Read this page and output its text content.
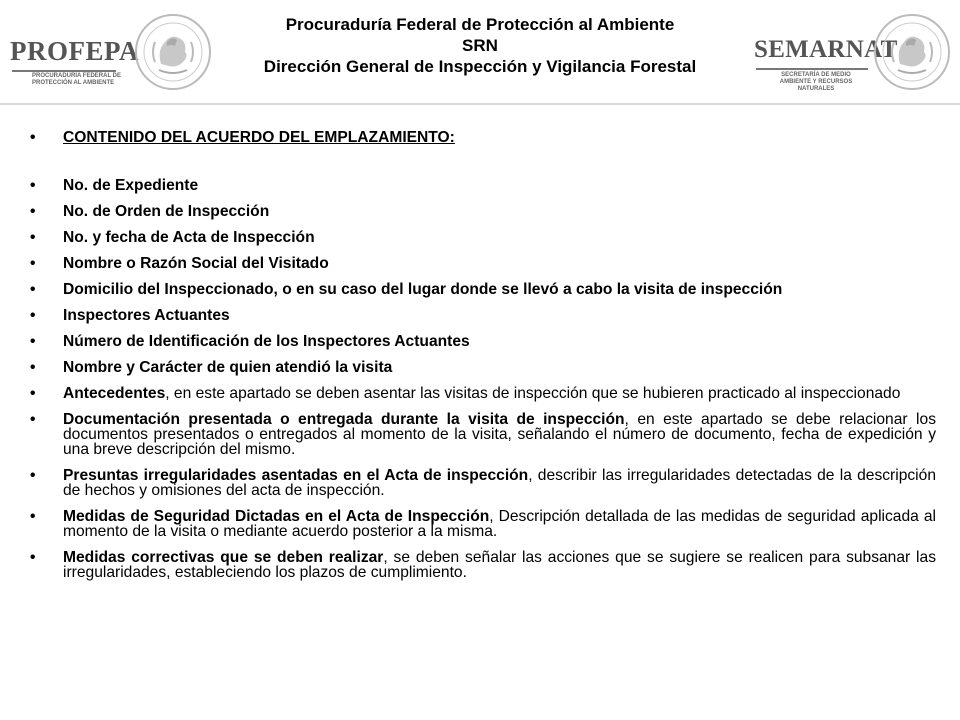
PROFEPA
PROCURADURÍA FEDERAL DE PROTECCIÓN AL AMBIENTE
Procuraduría Federal de Protección al Ambiente
SRN
Dirección General de Inspección y Vigilancia Forestal
SEMARNAT
SECRETARÍA DE MEDIO AMBIENTE Y RECURSOS NATURALES
• CONTENIDO DEL ACUERDO DEL EMPLAZAMIENTO:
• No. de Expediente
• No. de Orden de Inspección
• No. y fecha de Acta de Inspección
• Nombre o Razón Social del Visitado
• Domicilio del Inspeccionado, o en su caso del lugar donde se llevó a cabo la visita de inspección
• Inspectores Actuantes
• Número de Identificación de los Inspectores Actuantes
• Nombre y Carácter de quien atendió la visita
• Antecedentes, en este apartado se deben asentar las visitas de inspección que se hubieren practicado al inspeccionado
• Documentación presentada o entregada durante la visita de inspección, en este apartado se debe relacionar los documentos presentados o entregados al momento de la visita, señalando el número de documento, fecha de expedición y una breve descripción del mismo.
• Presuntas irregularidades asentadas en el Acta de inspección, describir las irregularidades detectadas de la descripción de hechos y omisiones del acta de inspección.
• Medidas de Seguridad Dictadas en el Acta de Inspección, Descripción detallada de las medidas de seguridad aplicada al momento de la visita o mediante acuerdo posterior a la misma.
• Medidas correctivas que se deben realizar, se deben señalar las acciones que se sugiere se realicen para subsanar las irregularidades, estableciendo los plazos de cumplimiento.
